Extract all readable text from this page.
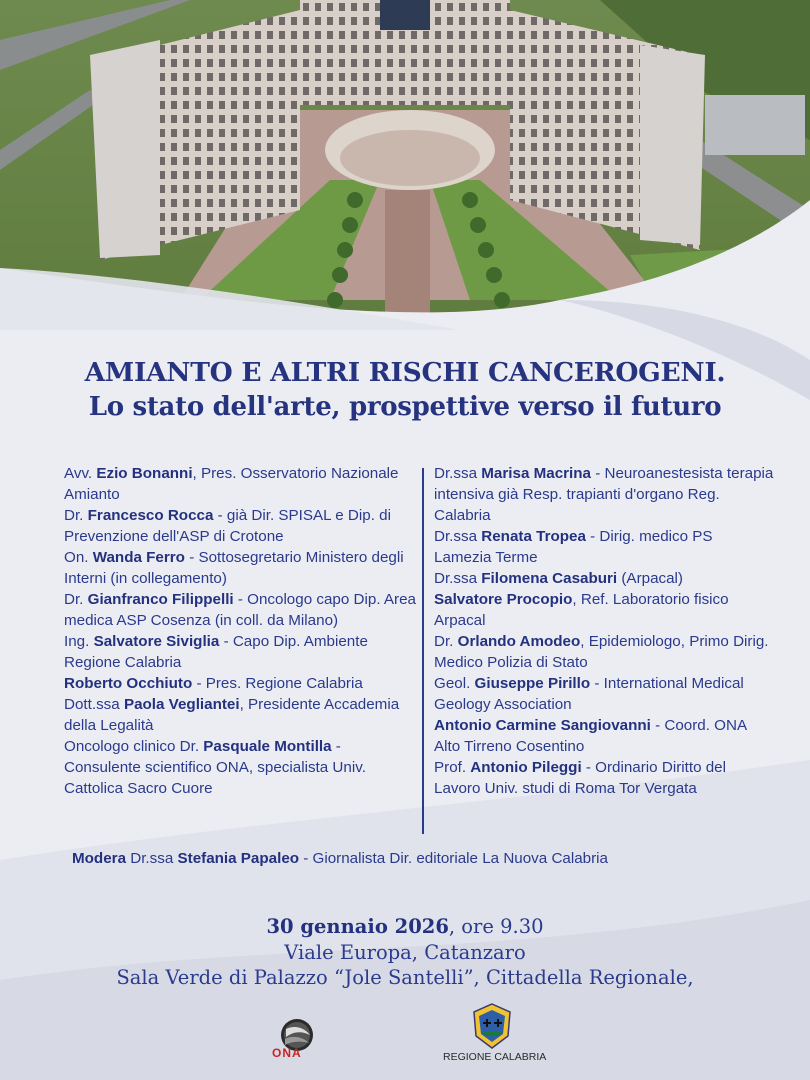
AMIANTO E ALTRI RISCHI CANCEROGENI.
Lo stato dell'arte, prospettive verso il futuro

Avv. Ezio Bonanni, Pres. Osservatorio Nazionale Amianto

Dr. Francesco Rocca - già Dir. SPISAL e Dip. di Prevenzione dell'ASP di Crotone

On. Wanda Ferro - Sottosegretario Ministero degli Interni (in collegamento)

Dr. Gianfranco Filippelli - Oncologo capo Dip. Area medica ASP Cosenza (in coll. da Milano)

Ing. Salvatore Siviglia - Capo Dip. Ambiente Regione Calabria

Roberto Occhiuto - Pres. Regione Calabria

Dott.ssa Paola Vegliantei, Presidente Accademia della Legalità

Oncologo clinico Dr. Pasquale Montilla - Consulente scientifico ONA, specialista Univ. Cattolica Sacro Cuore

Dr.ssa Marisa Macrina - Neuroanestesista terapia intensiva già Resp. trapianti d'organo Reg. Calabria

Dr.ssa Renata Tropea - Dirig. medico PS Lamezia Terme

Dr.ssa Filomena Casaburi (Arpacal)

Salvatore Procopio, Ref. Laboratorio fisico Arpacal

Dr. Orlando Amodeo, Epidemiologo, Primo Dirig. Medico Polizia di Stato

Geol. Giuseppe Pirillo - International Medical Geology Association

Antonio Carmine Sangiovanni - Coord. ONA Alto Tirreno Cosentino

Prof. Antonio Pileggi - Ordinario Diritto del Lavoro Univ. studi di Roma Tor Vergata

Modera Dr.ssa Stefania Papaleo - Giornalista Dir. editoriale La Nuova Calabria
30 gennaio 2026, ore 9.30
Viale Europa, Catanzaro
Sala Verde di Palazzo “Jole Santelli”, Cittadella Regionale,
ONA	REGIONE CALABRIA
